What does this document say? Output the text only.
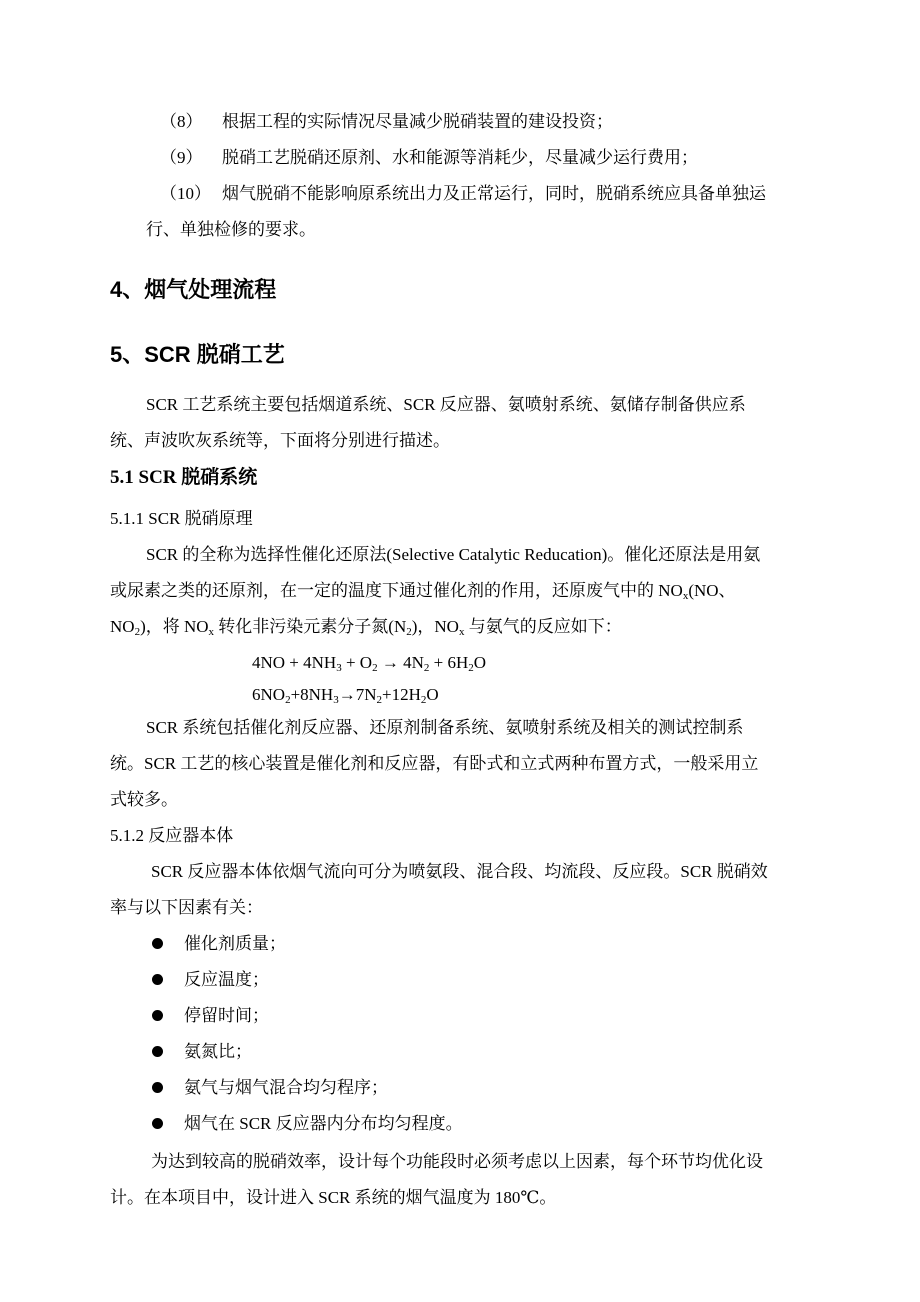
（8） 根据工程的实际情况尽量减少脱硝装置的建设投资；
（9） 脱硝工艺脱硝还原剂、水和能源等消耗少，尽量减少运行费用；
（10） 烟气脱硝不能影响原系统出力及正常运行，同时，脱硝系统应具备单独运
行、单独检修的要求。
4、烟气处理流程
5、SCR 脱硝工艺
SCR 工艺系统主要包括烟道系统、SCR 反应器、氨喷射系统、氨储存制备供应系
统、声波吹灰系统等，下面将分别进行描述。
5.1 SCR 脱硝系统
5.1.1 SCR 脱硝原理
SCR 的全称为选择性催化还原法(Selective Catalytic Reducation)。催化还原法是用氨
或尿素之类的还原剂，在一定的温度下通过催化剂的作用，还原废气中的 $NO_x(NO$、
$NO_2$)，将 $NO_x$ 转化非污染元素分子氮$(N_2)$，$NO_x$ 与氨气的反应如下：
$4NO + 4NH_3 + O_2 \to 4N_2 + 6H_2O$
$6NO_2+8NH_3\to 7N_2+12H_2O$
SCR 系统包括催化剂反应器、还原剂制备系统、氨喷射系统及相关的测试控制系
统。SCR 工艺的核心装置是催化剂和反应器，有卧式和立式两种布置方式，一般采用立
式较多。
5.1.2 反应器本体
SCR 反应器本体依烟气流向可分为喷氨段、混合段、均流段、反应段。SCR 脱硝效
率与以下因素有关：
催化剂质量；
反应温度；
停留时间；
氨氮比；
氨气与烟气混合均匀程序；
烟气在 SCR 反应器内分布均匀程度。
为达到较高的脱硝效率，设计每个功能段时必须考虑以上因素，每个环节均优化设
计。在本项目中，设计进入 SCR 系统的烟气温度为 180℃。
